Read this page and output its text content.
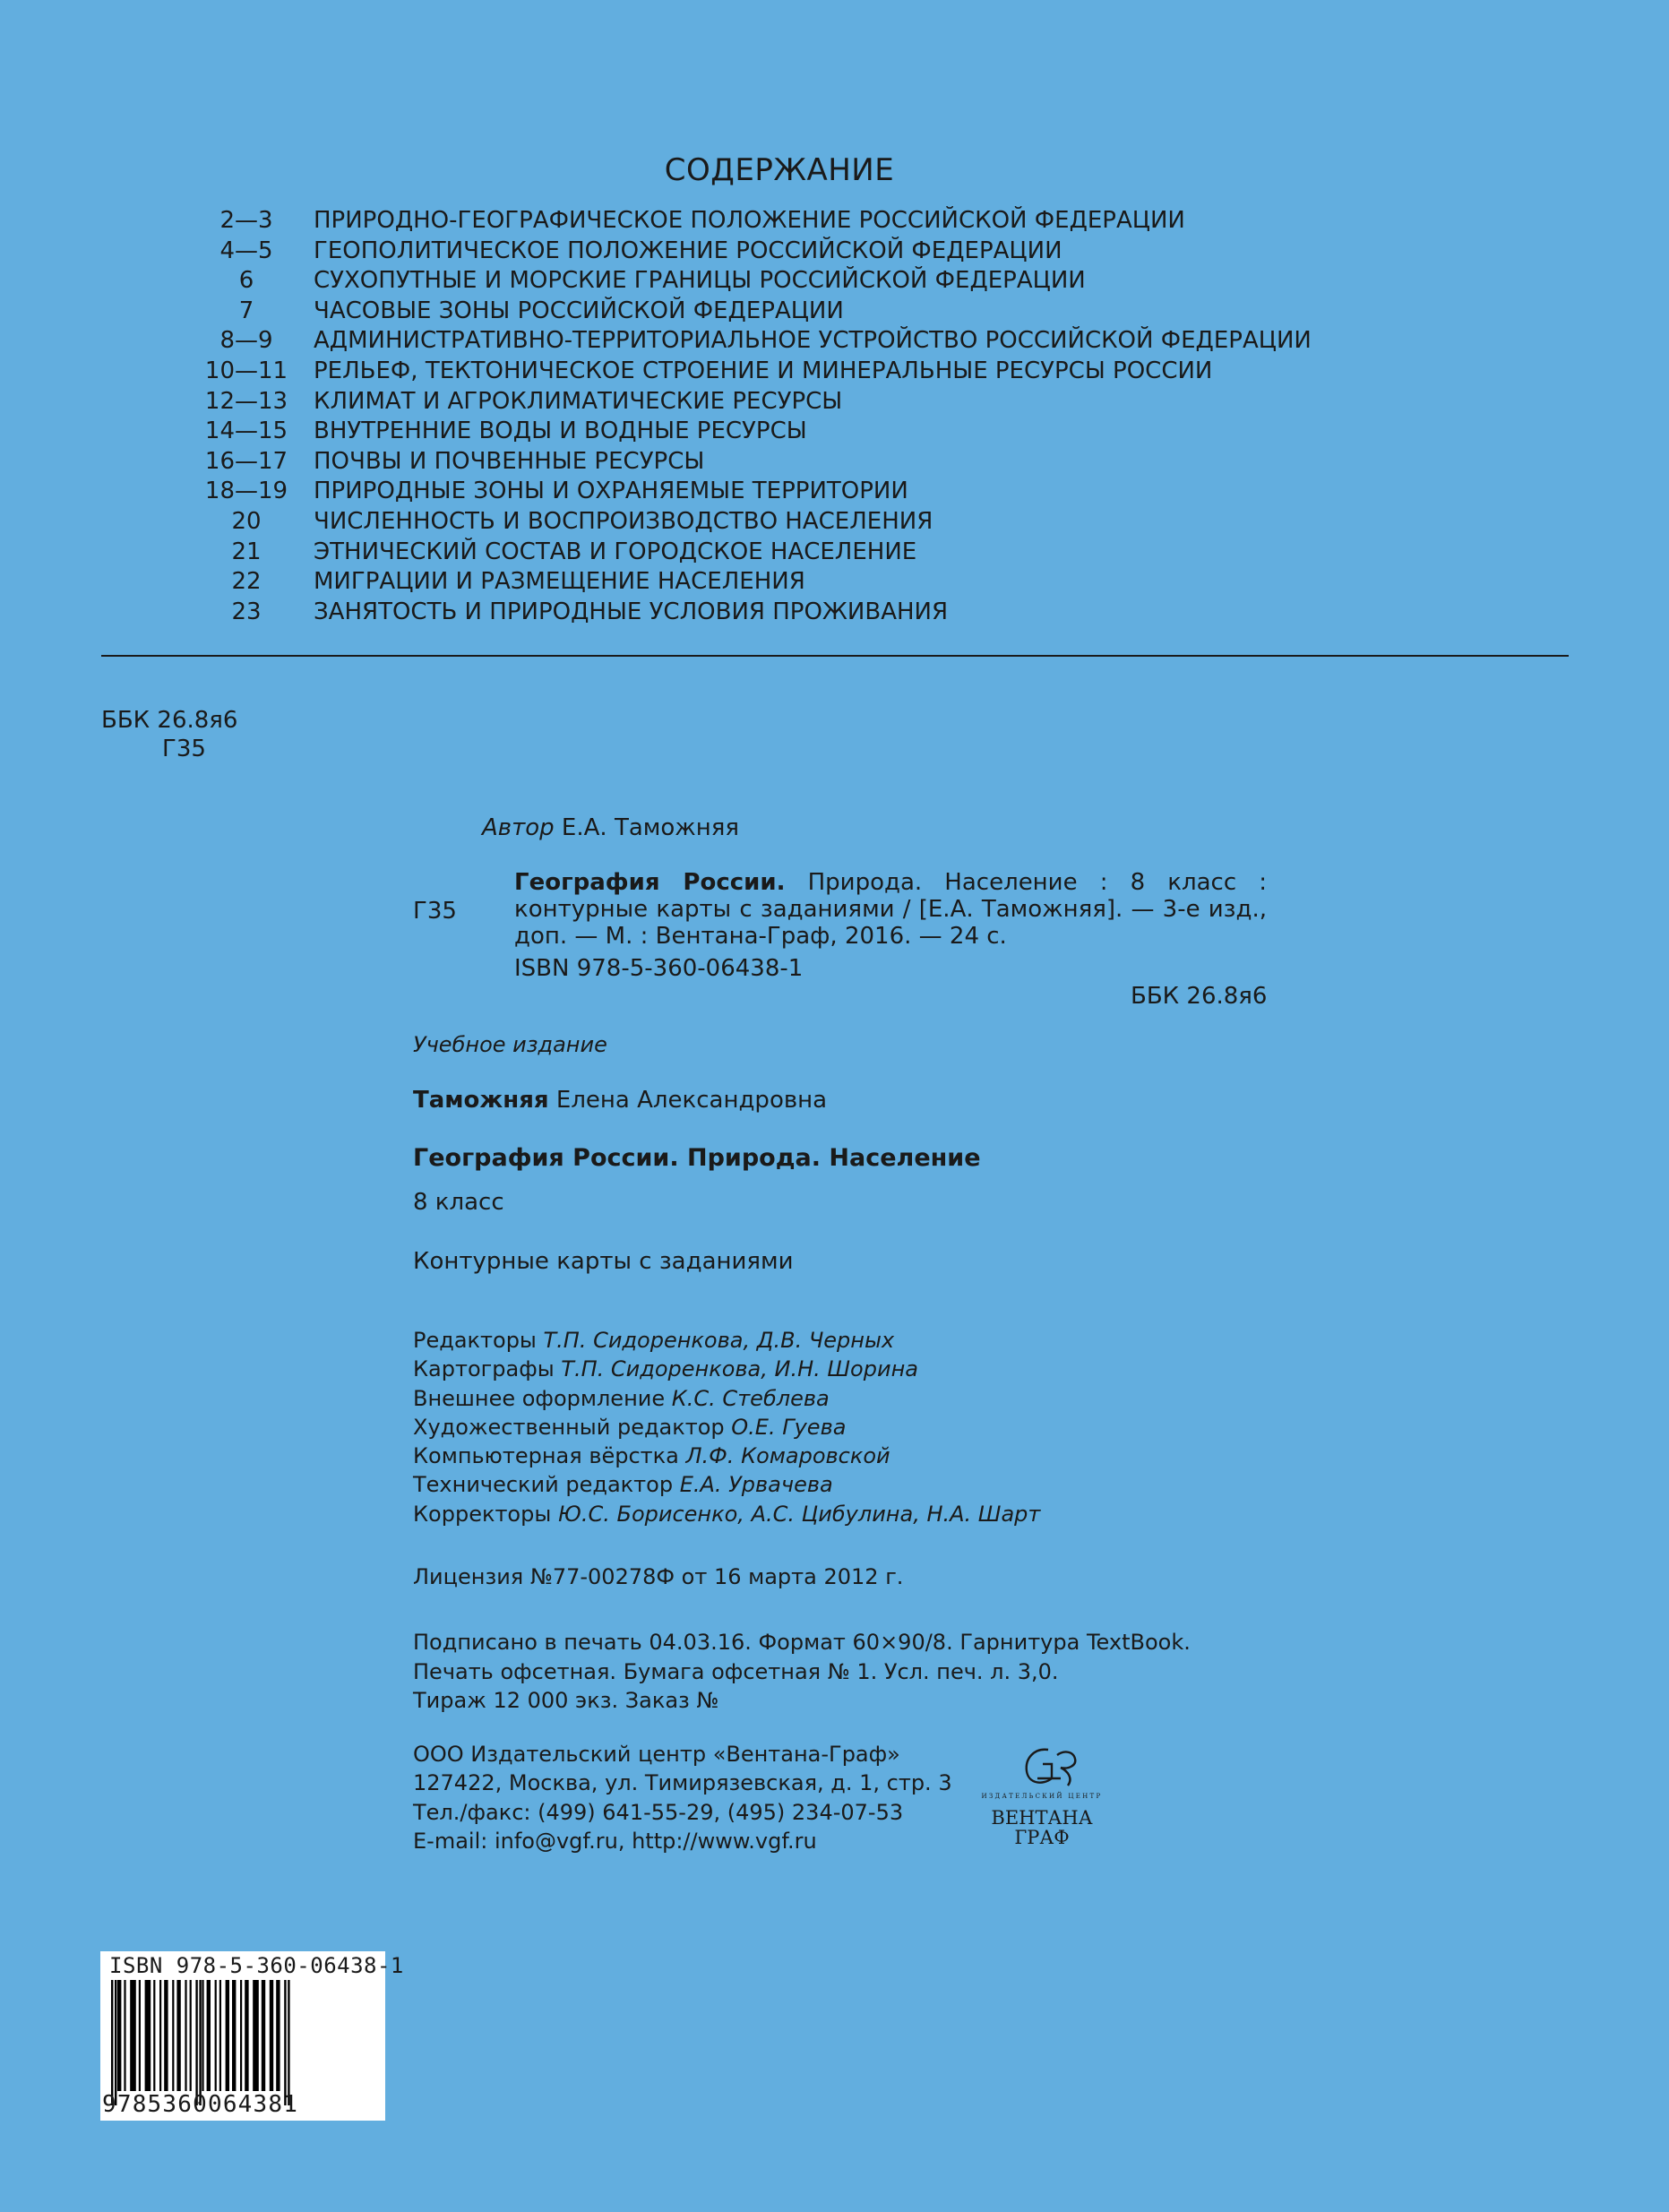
СОДЕРЖАНИЕ
2—3	ПРИРОДНО-ГЕОГРАФИЧЕСКОЕ ПОЛОЖЕНИЕ РОССИЙСКОЙ ФЕДЕРАЦИИ
4—5	ГЕОПОЛИТИЧЕСКОЕ ПОЛОЖЕНИЕ РОССИЙСКОЙ ФЕДЕРАЦИИ
6	СУХОПУТНЫЕ И МОРСКИЕ ГРАНИЦЫ РОССИЙСКОЙ ФЕДЕРАЦИИ
7	ЧАСОВЫЕ ЗОНЫ РОССИЙСКОЙ ФЕДЕРАЦИИ
8—9	АДМИНИСТРАТИВНО-ТЕРРИТОРИАЛЬНОЕ УСТРОЙСТВО РОССИЙСКОЙ ФЕДЕРАЦИИ
10—11	РЕЛЬЕФ, ТЕКТОНИЧЕСКОЕ СТРОЕНИЕ И МИНЕРАЛЬНЫЕ РЕСУРСЫ РОССИИ
12—13	КЛИМАТ И АГРОКЛИМАТИЧЕСКИЕ РЕСУРСЫ
14—15	ВНУТРЕННИЕ ВОДЫ И ВОДНЫЕ РЕСУРСЫ
16—17	ПОЧВЫ И ПОЧВЕННЫЕ РЕСУРСЫ
18—19	ПРИРОДНЫЕ ЗОНЫ И ОХРАНЯЕМЫЕ ТЕРРИТОРИИ
20	ЧИСЛЕННОСТЬ И ВОСПРОИЗВОДСТВО НАСЕЛЕНИЯ
21	ЭТНИЧЕСКИЙ СОСТАВ И ГОРОДСКОЕ НАСЕЛЕНИЕ
22	МИГРАЦИИ И РАЗМЕЩЕНИЕ НАСЕЛЕНИЯ
23	ЗАНЯТОСТЬ И ПРИРОДНЫЕ УСЛОВИЯ ПРОЖИВАНИЯ
ББК 26.8я6
Г35
Автор Е.А. Таможняя
Г35
География России. Природа. Население : 8 класс : контурные карты с заданиями / [Е.А. Таможняя]. — 3-е изд., доп. — М. : Вентана-Граф, 2016. — 24 с.
ISBN 978-5-360-06438-1
ББК 26.8я6
Учебное издание
Таможняя Елена Александровна
География России. Природа. Население
8 класс
Контурные карты с заданиями
Редакторы Т.П. Сидоренкова, Д.В. Черных
Картографы Т.П. Сидоренкова, И.Н. Шорина
Внешнее оформление К.С. Стеблева
Художественный редактор О.Е. Гуева
Компьютерная вёрстка Л.Ф. Комаровской
Технический редактор Е.А. Урвачева
Корректоры Ю.С. Борисенко, А.С. Цибулина, Н.А. Шарт
Лицензия №77-00278Ф от 16 марта 2012 г.
Подписано в печать 04.03.16. Формат 60×90/8. Гарнитура TextBook.
Печать офсетная. Бумага офсетная № 1. Усл. печ. л. 3,0.
Тираж 12 000 экз. Заказ №
ООО Издательский центр «Вентана-Граф»
127422, Москва, ул. Тимирязевская, д. 1, стр. 3
Тел./факс: (499) 641-55-29, (495) 234-07-53
E-mail: info@vgf.ru, http://www.vgf.ru
ИЗДАТЕЛЬСКИЙ ЦЕНТР
ВЕНТАНА
ГРАФ
ISBN 978-5-360-06438-1
9785360064381
